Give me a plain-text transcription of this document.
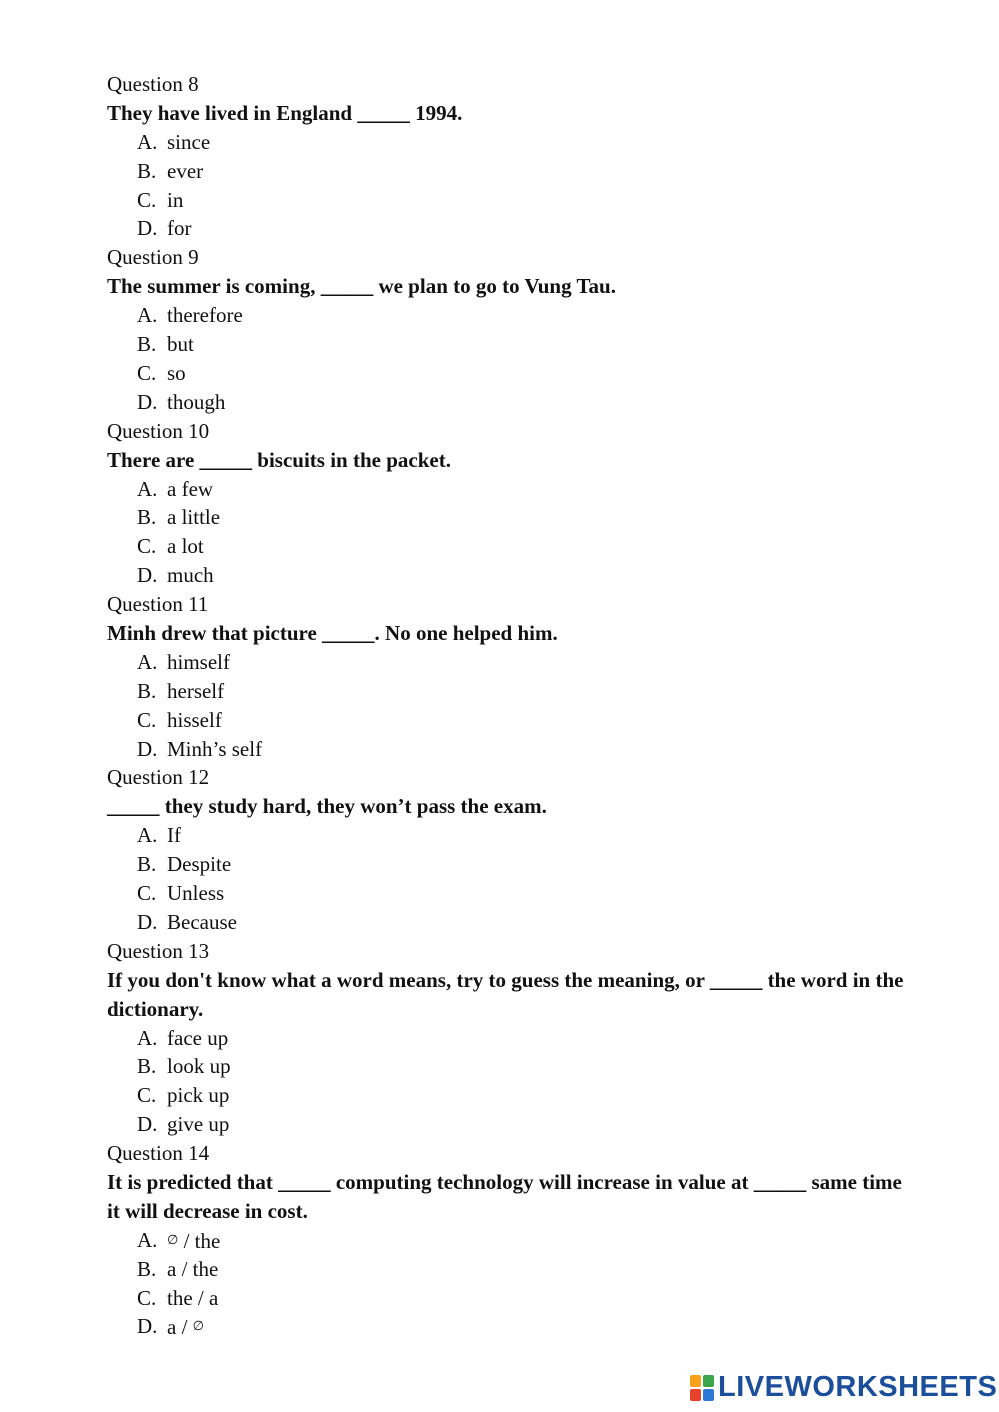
Question 8
They have lived in England _____ 1994.
A. since
B. ever
C. in
D. for
Question 9
The summer is coming, _____ we plan to go to Vung Tau.
A. therefore
B. but
C. so
D. though
Question 10
There are _____ biscuits in the packet.
A. a few
B. a little
C. a lot
D. much
Question 11
Minh drew that picture _____. No one helped him.
A. himself
B. herself
C. hisself
D. Minh’s self
Question 12
_____ they study hard, they won’t pass the exam.
A. If
B. Despite
C. Unless
D. Because
Question 13
If you don't know what a word means, try to guess the meaning, or _____ the word in the dictionary.
A. face up
B. look up
C. pick up
D. give up
Question 14
It is predicted that _____ computing technology will increase in value at _____ same time it will decrease in cost.
A. ∅ / the
B. a / the
C. the / a
D. a / ∅
LIVEWORKSHEETS
